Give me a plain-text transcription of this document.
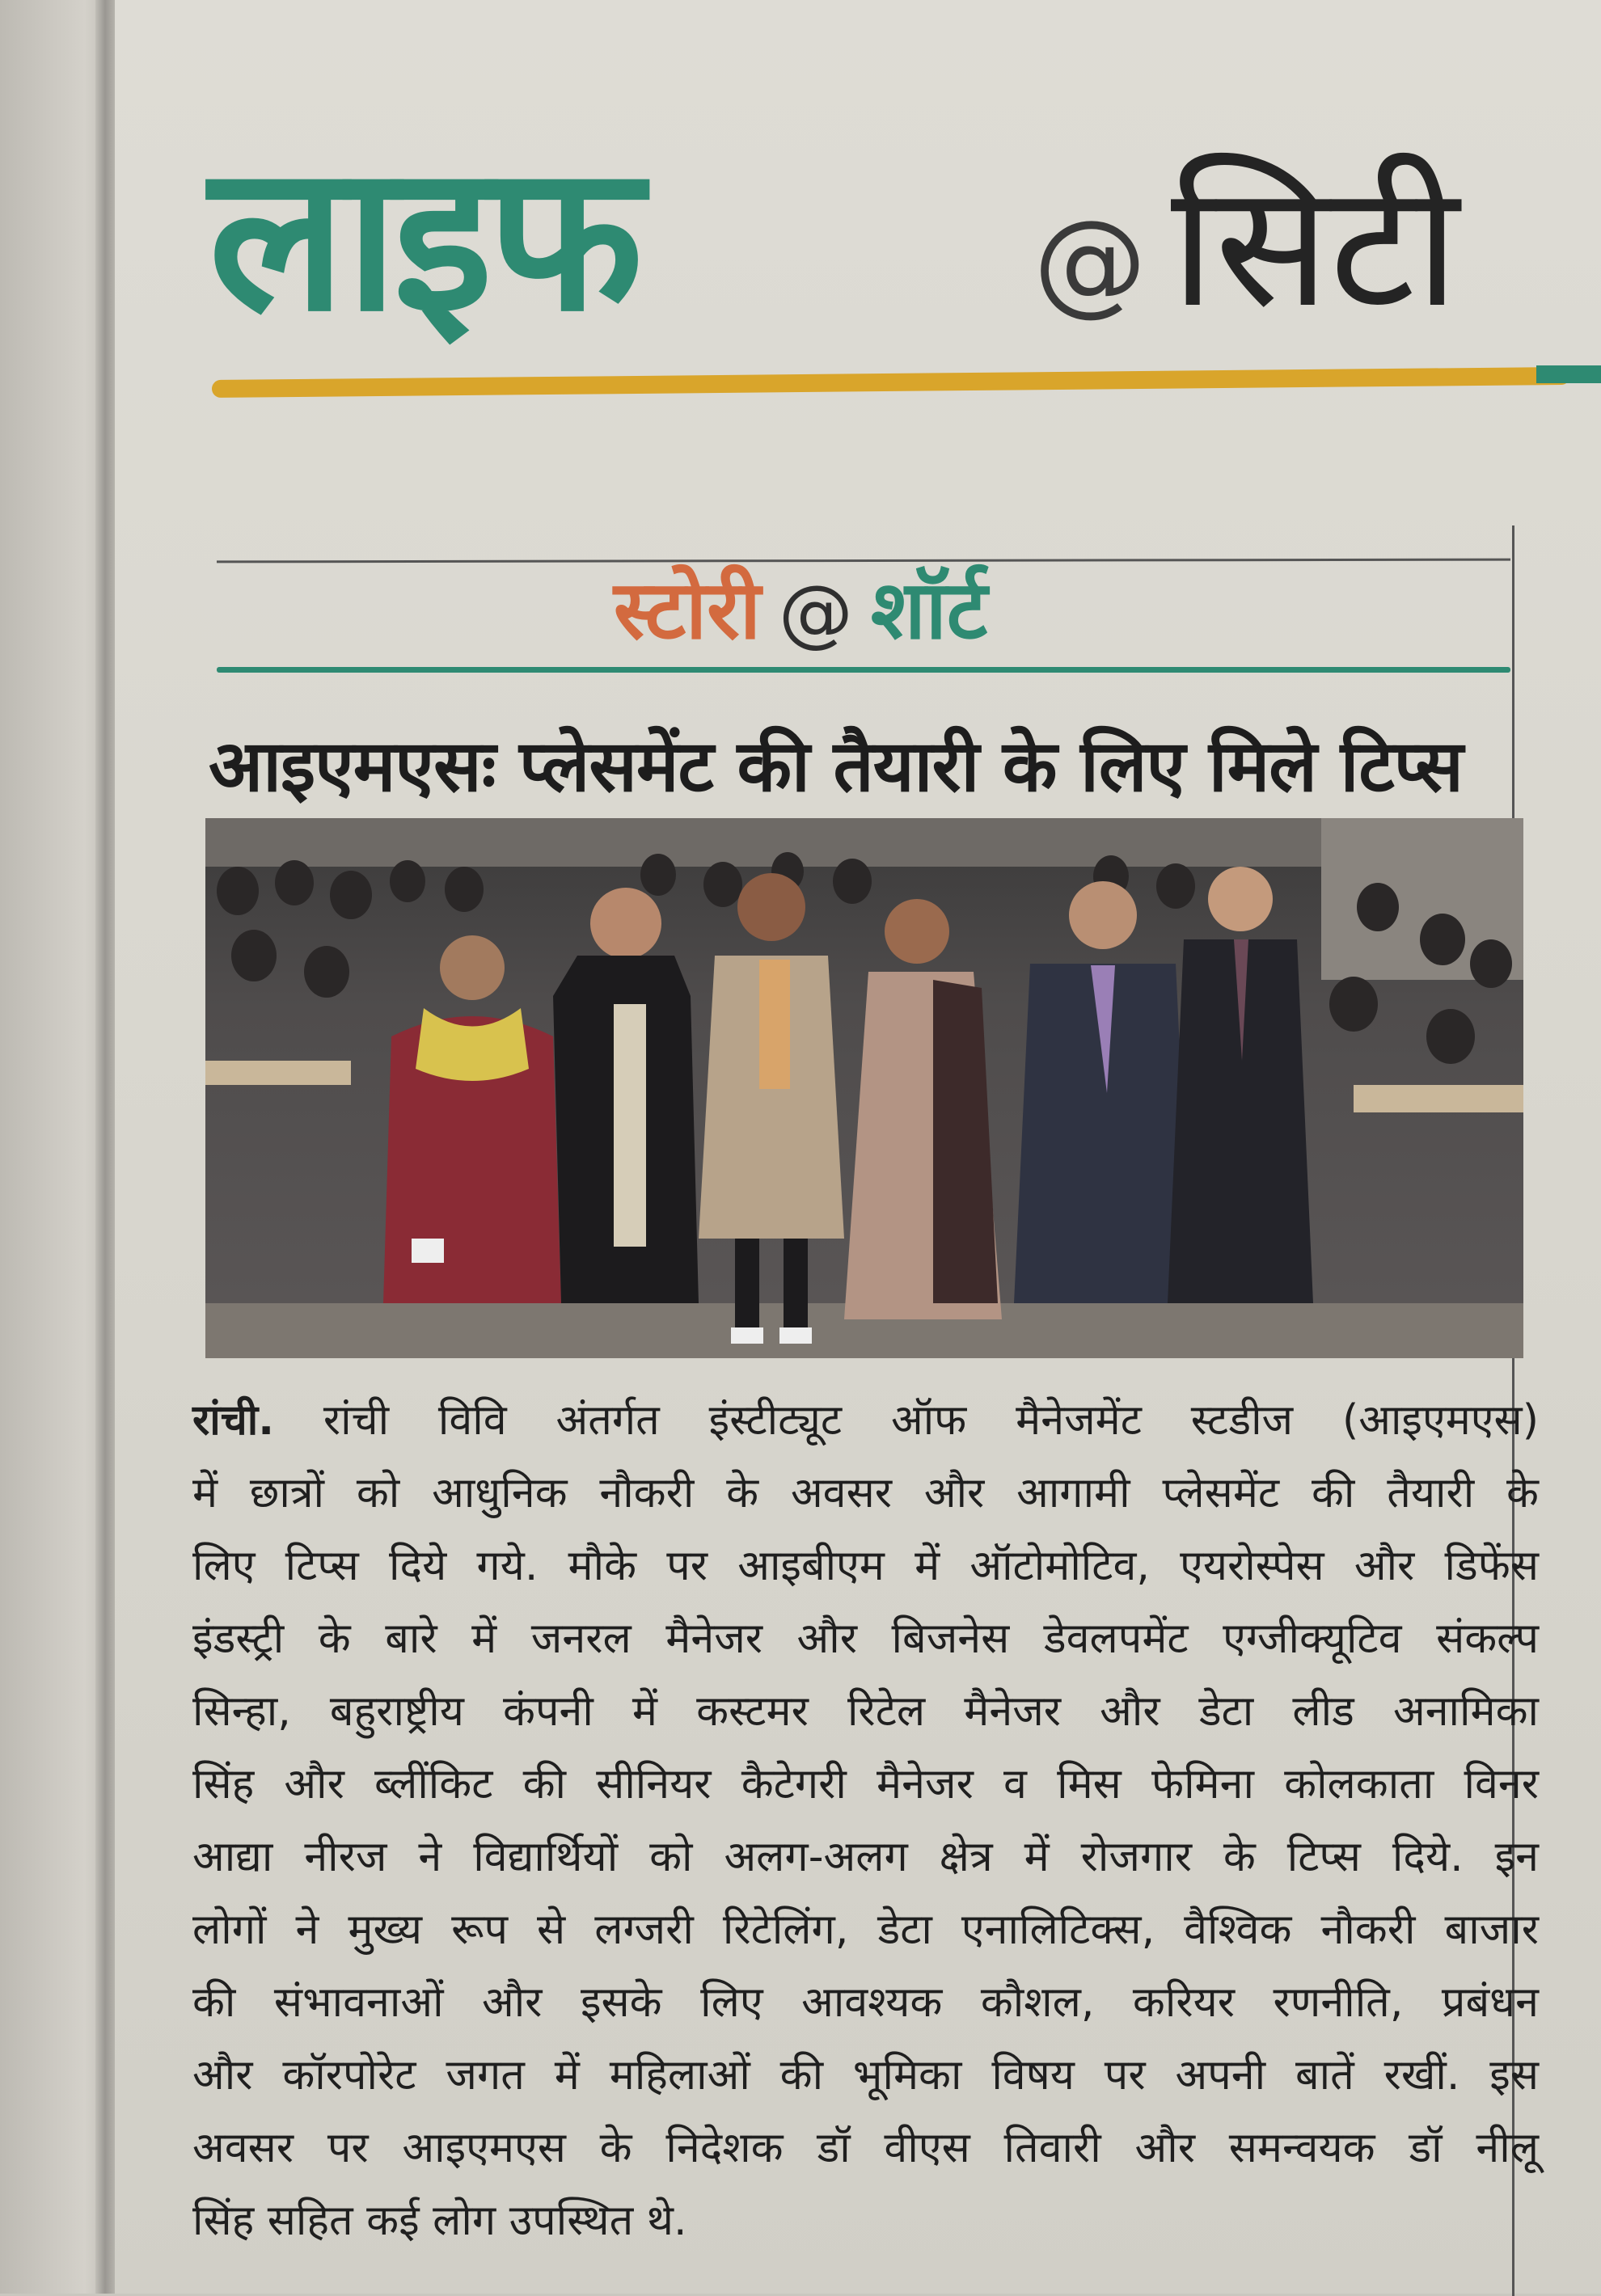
लाइफ	@ सिटी
स्टोरी @ शॉर्ट
आइएमएसः प्लेसमेंट की तैयारी के लिए मिले टिप्स
रांची. रांची विवि अंतर्गत इंस्टीट्यूट ऑफ मैनेजमेंट स्टडीज (आइएमएस)
में छात्रों को आधुनिक नौकरी के अवसर और आगामी प्लेसमेंट की तैयारी के
लिए टिप्स दिये गये. मौके पर आइबीएम में ऑटोमोटिव, एयरोस्पेस और डिफेंस
इंडस्ट्री के बारे में जनरल मैनेजर और बिजनेस डेवलपमेंट एग्जीक्यूटिव संकल्प
सिन्हा, बहुराष्ट्रीय कंपनी में कस्टमर रिटेल मैनेजर और डेटा लीड अनामिका
सिंह और ब्लींकिट की सीनियर कैटेगरी मैनेजर व मिस फेमिना कोलकाता विनर
आद्या नीरज ने विद्यार्थियों को अलग-अलग क्षेत्र में रोजगार के टिप्स दिये. इन
लोगों ने मुख्य रूप से लग्जरी रिटेलिंग, डेटा एनालिटिक्स, वैश्विक नौकरी बाजार
की संभावनाओं और इसके लिए आवश्यक कौशल, करियर रणनीति, प्रबंधन
और कॉरपोरेट जगत में महिलाओं की भूमिका विषय पर अपनी बातें रखीं. इस
अवसर पर आइएमएस के निदेशक डॉ वीएस तिवारी और समन्वयक डॉ नीलू
सिंह सहित कई लोग उपस्थित थे.
